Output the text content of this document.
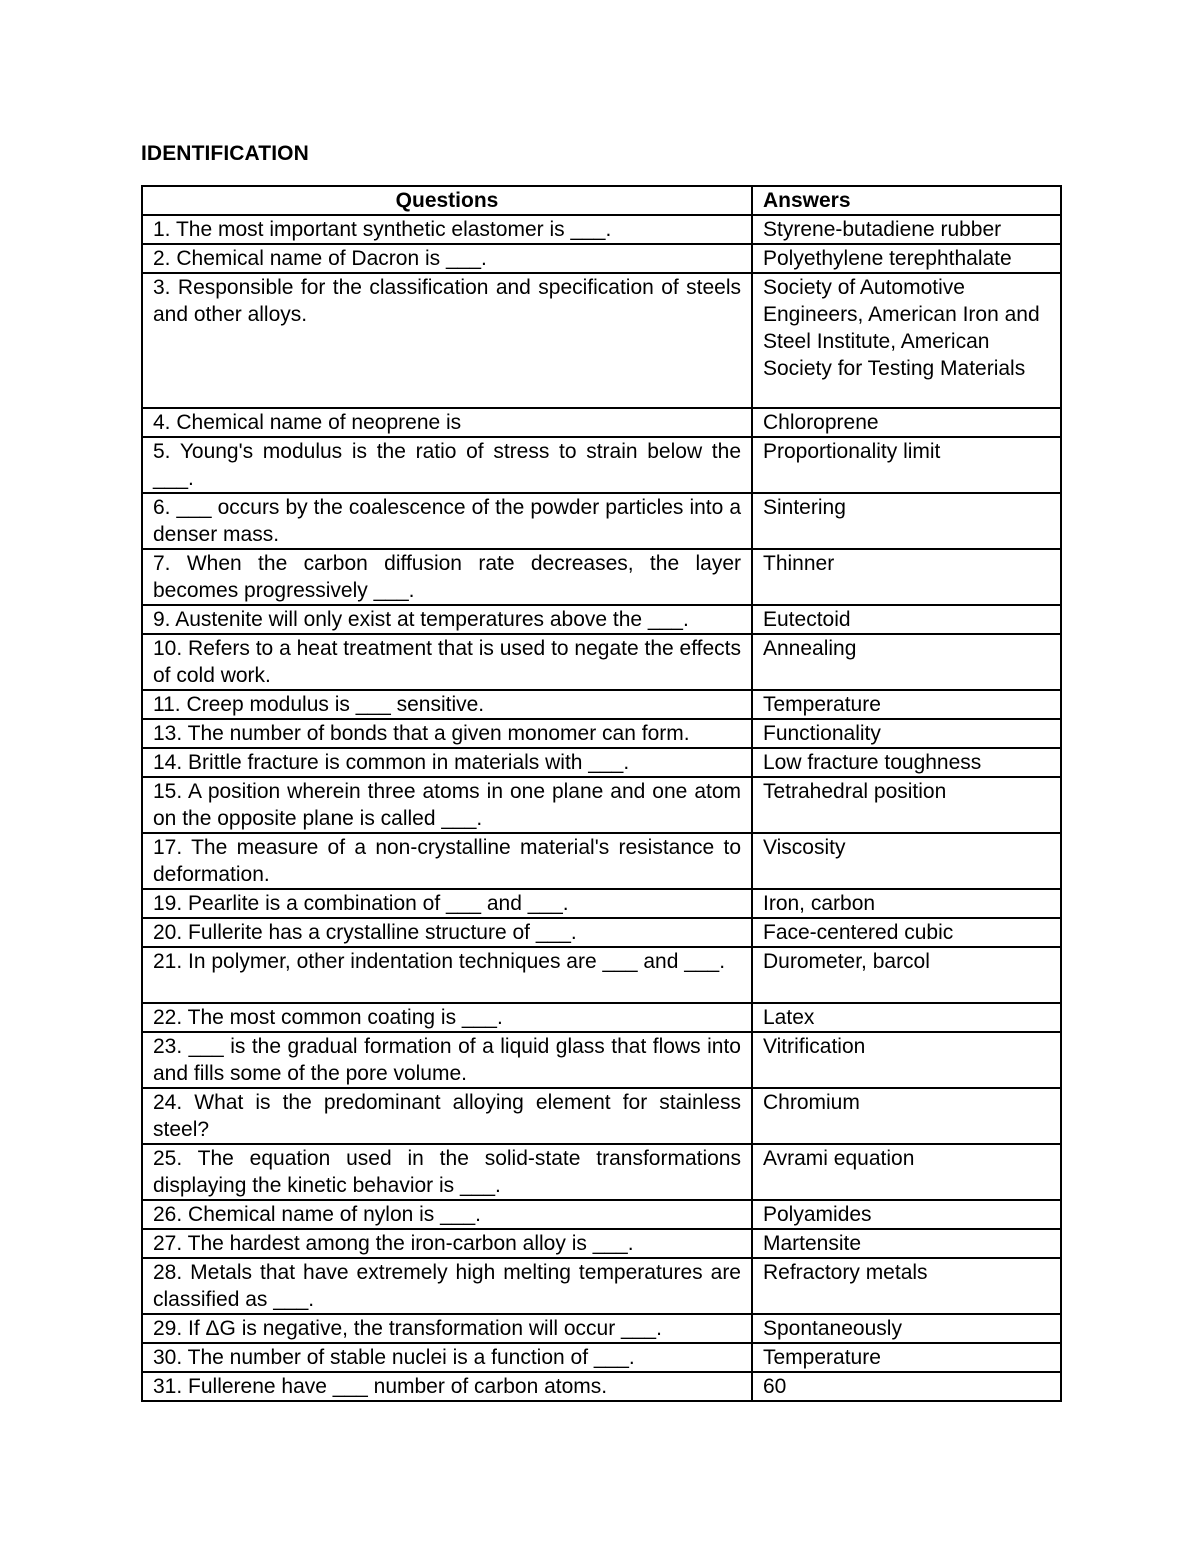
IDENTIFICATION
Questions	Answers
1. The most important synthetic elastomer is ___.	Styrene-butadiene rubber
2. Chemical name of Dacron is ___.	Polyethylene terephthalate
3. Responsible for the classification and specification of steels and other alloys.	Society of Automotive Engineers, American Iron and Steel Institute, American Society for Testing Materials
4. Chemical name of neoprene is	Chloroprene
5. Young's modulus is the ratio of stress to strain below the ___.	Proportionality limit
6. ___ occurs by the coalescence of the powder particles into a denser mass.	Sintering
7. When the carbon diffusion rate decreases, the layer becomes progressively ___.	Thinner
9. Austenite will only exist at temperatures above the ___.	Eutectoid
10. Refers to a heat treatment that is used to negate the effects of cold work.	Annealing
11. Creep modulus is ___ sensitive.	Temperature
13. The number of bonds that a given monomer can form.	Functionality
14. Brittle fracture is common in materials with ___.	Low fracture toughness
15. A position wherein three atoms in one plane and one atom on the opposite plane is called ___.	Tetrahedral position
17. The measure of a non-crystalline material's resistance to deformation.	Viscosity
19. Pearlite is a combination of ___ and ___.	Iron, carbon
20. Fullerite has a crystalline structure of ___.	Face-centered cubic
21. In polymer, other indentation techniques are ___ and ___.	Durometer, barcol
22. The most common coating is ___.	Latex
23. ___ is the gradual formation of a liquid glass that flows into and fills some of the pore volume.	Vitrification
24. What is the predominant alloying element for stainless steel?	Chromium
25. The equation used in the solid-state transformations displaying the kinetic behavior is ___.	Avrami equation
26. Chemical name of nylon is ___.	Polyamides
27. The hardest among the iron-carbon alloy is ___.	Martensite
28. Metals that have extremely high melting temperatures are classified as ___.	Refractory metals
29. If ΔG is negative, the transformation will occur ___.	Spontaneously
30. The number of stable nuclei is a function of ___.	Temperature
31. Fullerene have ___ number of carbon atoms.	60
